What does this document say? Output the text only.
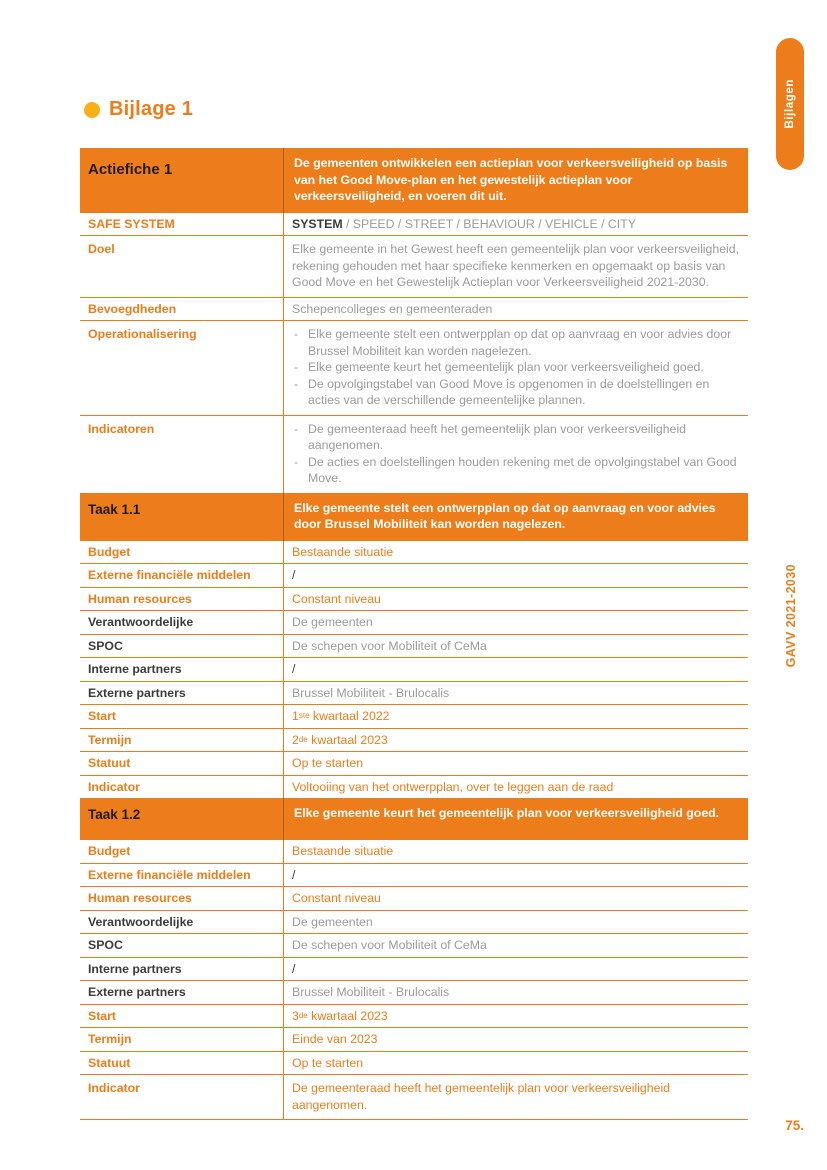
Bijlage 1
Actiefiche 1	De gemeenten ontwikkelen een actieplan voor verkeersveiligheid op basis van het Good Move-plan en het gewestelijk actieplan voor verkeersveiligheid, en voeren dit uit.
SAFE SYSTEM	SYSTEM / SPEED / STREET / BEHAVIOUR / VEHICLE / CITY
Doel	Elke gemeente in het Gewest heeft een gemeentelijk plan voor verkeersveiligheid, rekening gehouden met haar specifieke kenmerken en opgemaakt op basis van Good Move en het Gewestelijk Actieplan voor Verkeersveiligheid 2021-2030.
Bevoegdheden	Schepencolleges en gemeenteraden
Operationalisering	- Elke gemeente stelt een ontwerpplan op dat op aanvraag en voor advies door Brussel Mobiliteit kan worden nagelezen.
- Elke gemeente keurt het gemeentelijk plan voor verkeersveiligheid goed.
- De opvolgingstabel van Good Move is opgenomen in de doelstellingen en acties van de verschillende gemeentelijke plannen.
Indicatoren	- De gemeenteraad heeft het gemeentelijk plan voor verkeersveiligheid aangenomen.
- De acties en doelstellingen houden rekening met de opvolgingstabel van Good Move.
Taak 1.1	Elke gemeente stelt een ontwerpplan op dat op aanvraag en voor advies door Brussel Mobiliteit kan worden nagelezen.
Budget	Bestaande situatie
Externe financiële middelen	/
Human resources	Constant niveau
Verantwoordelijke	De gemeenten
SPOC	De schepen voor Mobiliteit of CeMa
Interne partners	/
Externe partners	Brussel Mobiliteit - Brulocalis
Start	1 ste kwartaal 2022
Termijn	2 de kwartaal 2023
Statuut	Op te starten
Indicator	Voltooiing van het ontwerpplan, over te leggen aan de raad
Taak 1.2	Elke gemeente keurt het gemeentelijk plan voor verkeersveiligheid goed.
Budget	Bestaande situatie
Externe financiële middelen	/
Human resources	Constant niveau
Verantwoordelijke	De gemeenten
SPOC	De schepen voor Mobiliteit of CeMa
Interne partners	/
Externe partners	Brussel Mobiliteit - Brulocalis
Start	3 de kwartaal 2023
Termijn	Einde van 2023
Statuut	Op te starten
Indicator	De gemeenteraad heeft het gemeentelijk plan voor verkeersveiligheid aangenomen.
Bijlagen
GAVV 2021-2030
75.
